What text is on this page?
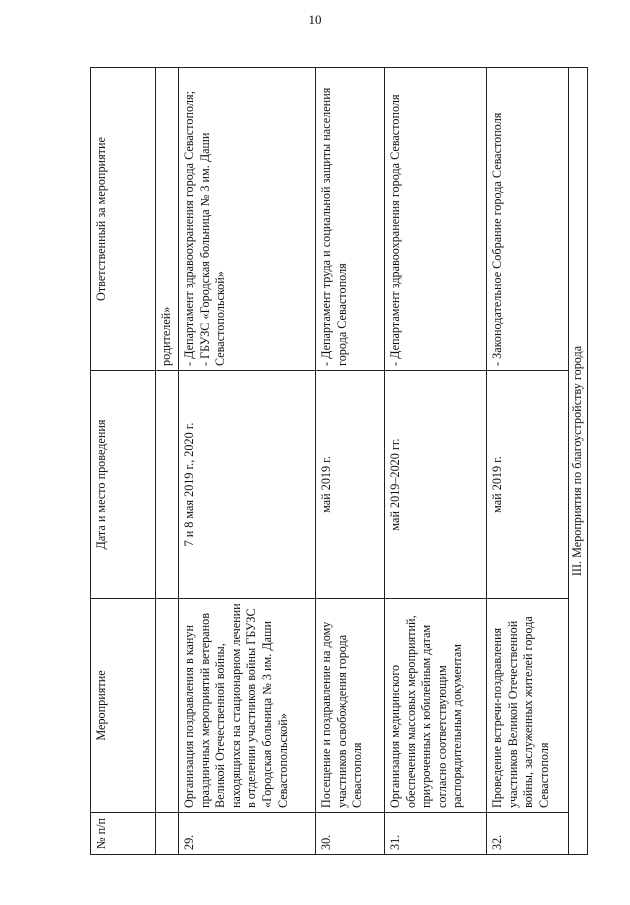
10
№ п/п	Мероприятие	Дата и место проведения	Ответственный за мероприятие
			родителей»
29.	Организация поздравления в канун праздничных мероприятий ветеранов Великой Отечественной войны, находящихся на стационарном лечении в отделении участников войны ГБУЗС «Городская больница № 3 им. Даши Севастопольской»	7 и 8 мая 2019 г., 2020 г.	- Департамент здравоохранения города Севастополя; - ГБУЗС «Городская больница № 3 им. Даши Севастопольской»

30.	Посещение и поздравление на дому участников освобождения города Севастополя	май 2019 г.	- Департамент труда и социальной защиты населения города Севастополя

31.	Организация медицинского обеспечения массовых мероприятий, приуроченных к юбилейным датам согласно соответствующим распорядительным документам	май 2019–2020 гг.	- Департамент здравоохранения города Севастополя

32.	Проведение встречи-поздравления участников Великой Отечественной войны, заслуженных жителей города Севастополя	май 2019 г.	- Законодательное Собрание города Севастополя

III. Мероприятия по благоустройству города			
